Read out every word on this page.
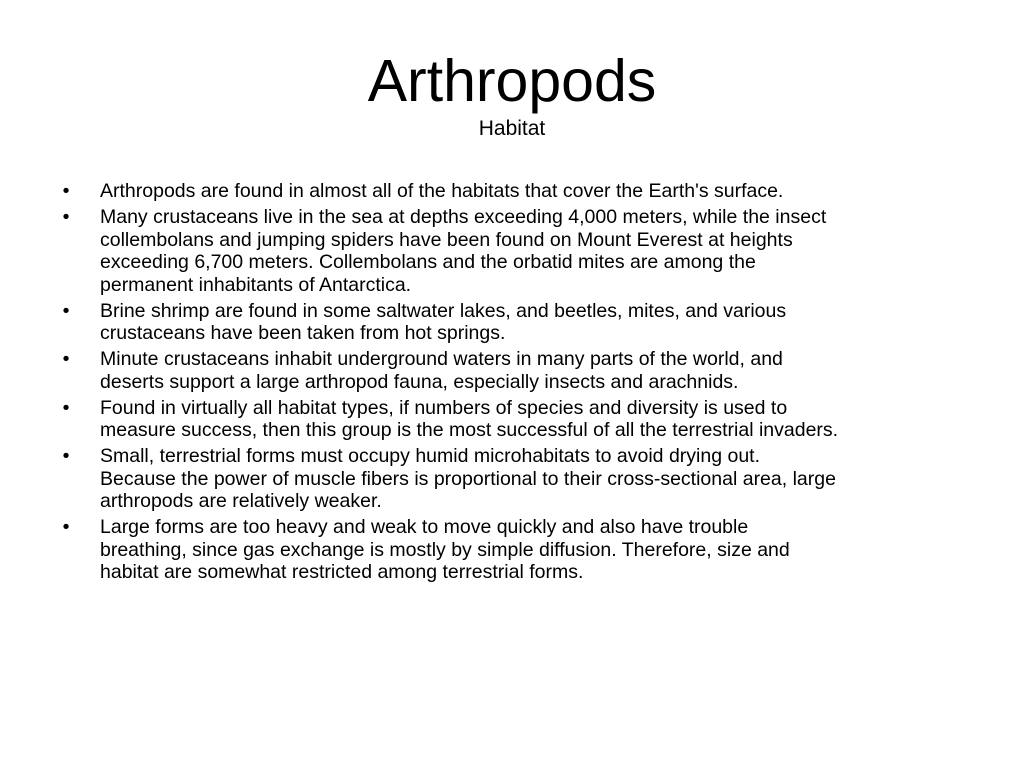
Arthropods
Habitat
•	Arthropods are found in almost all of the habitats that cover the Earth's surface.
•	Many crustaceans live in the sea at depths exceeding 4,000 meters, while the insect
collembolans and jumping spiders have been found on Mount Everest at heights
exceeding 6,700 meters. Collembolans and the orbatid mites are among the
permanent inhabitants of Antarctica.
•	Brine shrimp are found in some saltwater lakes, and beetles, mites, and various
crustaceans have been taken from hot springs.
•	Minute crustaceans inhabit underground waters in many parts of the world, and
deserts support a large arthropod fauna, especially insects and arachnids.
•	Found in virtually all habitat types, if numbers of species and diversity is used to
measure success, then this group is the most successful of all the terrestrial invaders.
•	Small, terrestrial forms must occupy humid microhabitats to avoid drying out.
Because the power of muscle fibers is proportional to their cross-sectional area, large
arthropods are relatively weaker.
•	Large forms are too heavy and weak to move quickly and also have trouble
breathing, since gas exchange is mostly by simple diffusion. Therefore, size and
habitat are somewhat restricted among terrestrial forms.
